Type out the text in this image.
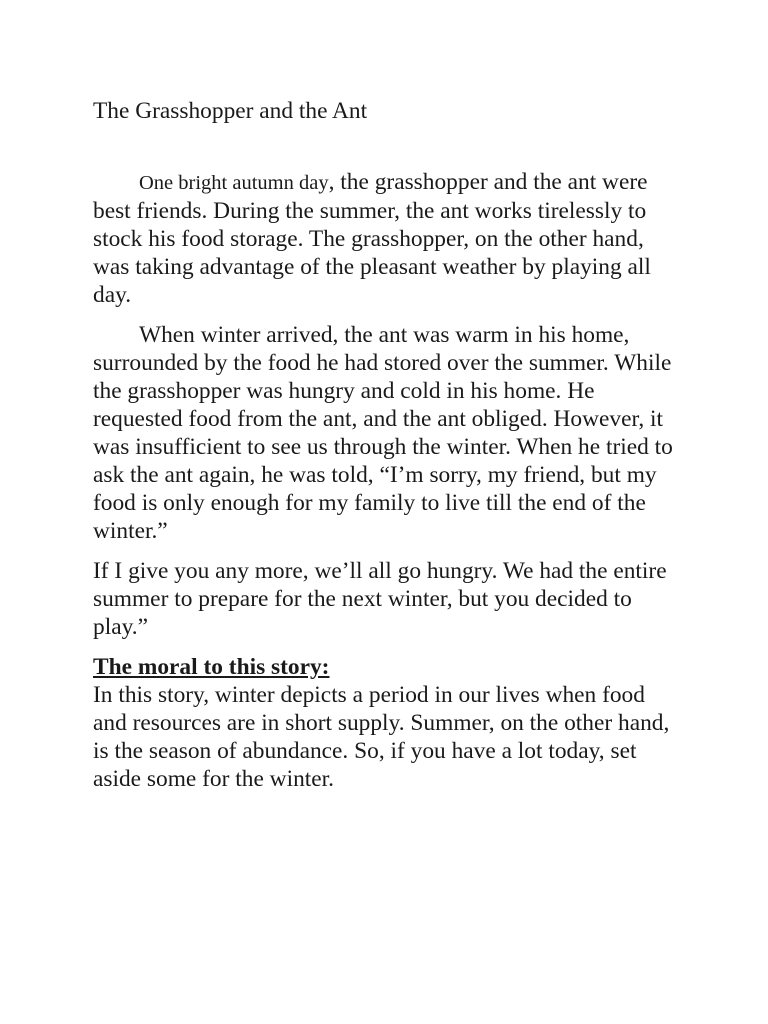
The Grasshopper and the Ant

One bright autumn day, the grasshopper and the ant were best friends. During the summer, the ant works tirelessly to stock his food storage. The grasshopper, on the other hand, was taking advantage of the pleasant weather by playing all day.

When winter arrived, the ant was warm in his home, surrounded by the food he had stored over the summer. While the grasshopper was hungry and cold in his home. He requested food from the ant, and the ant obliged. However, it was insufficient to see us through the winter. When he tried to ask the ant again, he was told, “I’m sorry, my friend, but my food is only enough for my family to live till the end of the winter.”

If I give you any more, we’ll all go hungry. We had the entire summer to prepare for the next winter, but you decided to play.”

The moral to this story:

In this story, winter depicts a period in our lives when food and resources are in short supply. Summer, on the other hand, is the season of abundance. So, if you have a lot today, set aside some for the winter.
